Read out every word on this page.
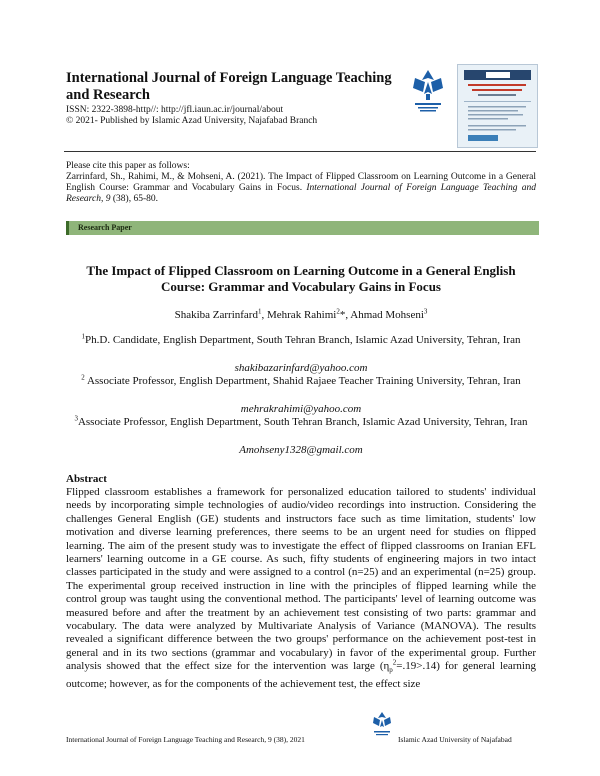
International Journal of Foreign Language Teaching and Research
ISSN: 2322-3898-http//: http://jfl.iaun.ac.ir/journal/about
© 2021- Published by Islamic Azad University, Najafabad Branch
Please cite this paper as follows:
Zarrinfard, Sh., Rahimi, M., & Mohseni, A. (2021). The Impact of Flipped Classroom on Learning Outcome in a General English Course: Grammar and Vocabulary Gains in Focus. International Journal of Foreign Language Teaching and Research, 9 (38), 65-80.
Research Paper
The Impact of Flipped Classroom on Learning Outcome in a General English Course: Grammar and Vocabulary Gains in Focus
Shakiba Zarrinfard$^1$, Mehrak Rahimi$^2$*, Ahmad Mohseni$^3$
$^1$Ph.D. Candidate, English Department, South Tehran Branch, Islamic Azad University, Tehran, Iran
shakibazarinfard@yahoo.com
$^2$ Associate Professor, English Department, Shahid Rajaee Teacher Training University, Tehran, Iran
mehrakrahimi@yahoo.com
$^3$Associate Professor, English Department, South Tehran Branch, Islamic Azad University, Tehran, Iran
Amohseny1328@gmail.com
Abstract
Flipped classroom establishes a framework for personalized education tailored to students' individual needs by incorporating simple technologies of audio/video recordings into instruction. Considering the challenges General English (GE) students and instructors face such as time limitation, students' low motivation and diverse learning preferences, there seems to be an urgent need for studies on flipped learning. The aim of the present study was to investigate the effect of flipped classrooms on Iranian EFL learners' learning outcome in a GE course. As such, fifty students of engineering majors in two intact classes participated in the study and were assigned to a control (n=25) and an experimental (n=25) group. The experimental group received instruction in line with the principles of flipped learning while the control group was taught using the conventional method. The participants' level of learning outcome was measured before and after the treatment by an achievement test consisting of two parts: grammar and vocabulary. The data were analyzed by Multivariate Analysis of Variance (MANOVA). The results revealed a significant difference between the two groups' performance on the achievement post-test in general and in its two sections (grammar and vocabulary) in favor of the experimental group. Further analysis showed that the effect size for the intervention was large $(\eta_p^2=.19>.14)$ for general learning outcome; however, as for the components of the achievement test, the effect size
International Journal of Foreign Language Teaching and Research, 9 (38), 2021	Islamic Azad University of Najafabad
